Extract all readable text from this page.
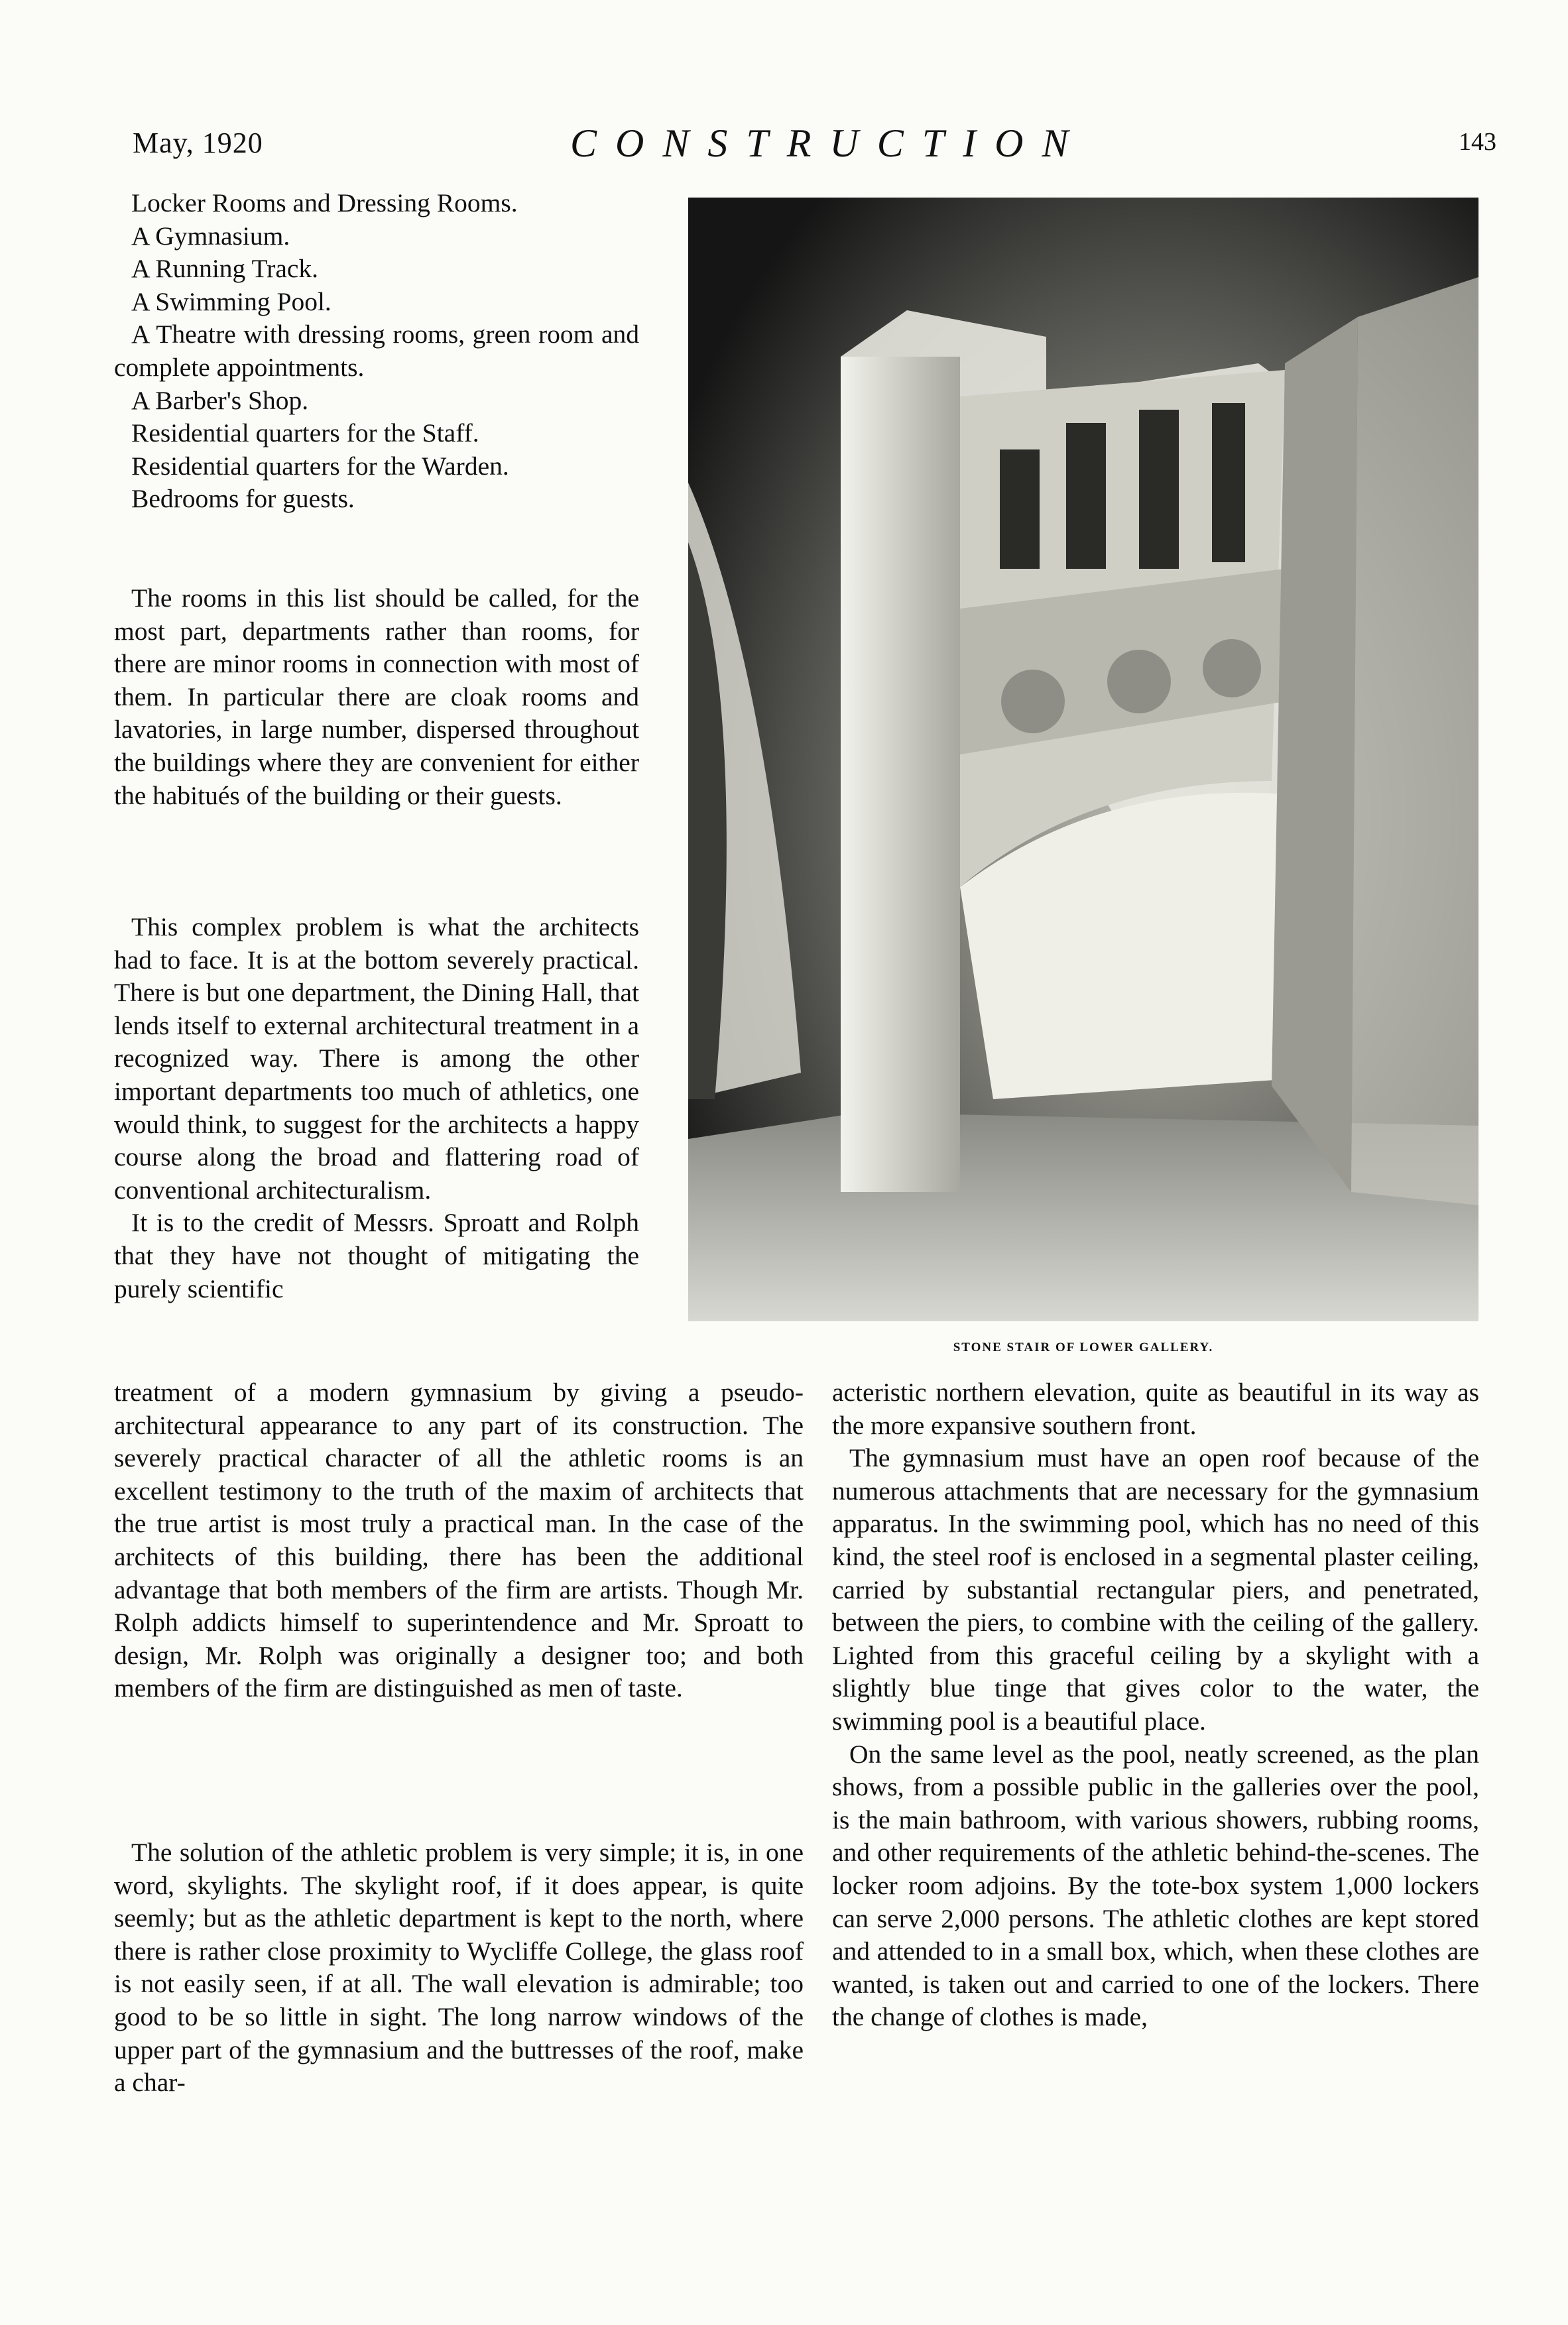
May, 1920	CONSTRUCTION	143

Locker Rooms and Dressing Rooms.

A Gymnasium.

A Running Track.

A Swimming Pool.

A Theatre with dressing rooms, green room and complete appointments.

A Barber's Shop.

Residential quarters for the Staff.

Residential quarters for the Warden.

Bedrooms for guests.

The rooms in this list should be called, for the most part, departments rather than rooms, for there are minor rooms in connection with most of them. In particular there are cloak rooms and lavatories, in large number, dispersed throughout the buildings where they are convenient for either the habitués of the building or their guests.

This complex problem is what the architects had to face. It is at the bottom severely practical. There is but one department, the Dining Hall, that lends itself to external architectural treatment in a recognized way. There is among the other important departments too much of athletics, one would think, to suggest for the architects a happy course along the broad and flattering road of conventional architecturalism.

It is to the credit of Messrs. Sproatt and Rolph that they have not thought of mitigating the purely scientific

treatment of a modern gymnasium by giving a pseudo-architectural appearance to any part of its construction. The severely practical character of all the athletic rooms is an excellent testimony to the truth of the maxim of architects that the true artist is most truly a practical man. In the case of the architects of this building, there has been the additional advantage that both members of the firm are artists. Though Mr. Rolph addicts himself to superintendence and Mr. Sproatt to design, Mr. Rolph was originally a designer too; and both members of the firm are distinguished as men of taste.

The solution of the athletic problem is very simple; it is, in one word, skylights. The skylight roof, if it does appear, is quite seemly; but as the athletic department is kept to the north, where there is rather close proximity to Wycliffe College, the glass roof is not easily seen, if at all. The wall elevation is admirable; too good to be so little in sight. The long narrow windows of the upper part of the gymnasium and the buttresses of the roof, make a char-

acteristic northern elevation, quite as beautiful in its way as the more expansive southern front.

The gymnasium must have an open roof because of the numerous attachments that are necessary for the gymnasium apparatus. In the swimming pool, which has no need of this kind, the steel roof is enclosed in a segmental plaster ceiling, carried by substantial rectangular piers, and penetrated, between the piers, to combine with the ceiling of the gallery. Lighted from this graceful ceiling by a skylight with a slightly blue tinge that gives color to the water, the swimming pool is a beautiful place.

On the same level as the pool, neatly screened, as the plan shows, from a possible public in the galleries over the pool, is the main bathroom, with various showers, rubbing rooms, and other requirements of the athletic behind-the-scenes. The locker room adjoins. By the tote-box system 1,000 lockers can serve 2,000 persons. The athletic clothes are kept stored and attended to in a small box, which, when these clothes are wanted, is taken out and carried to one of the lockers. There the change of clothes is made,

STONE STAIR OF LOWER GALLERY.
